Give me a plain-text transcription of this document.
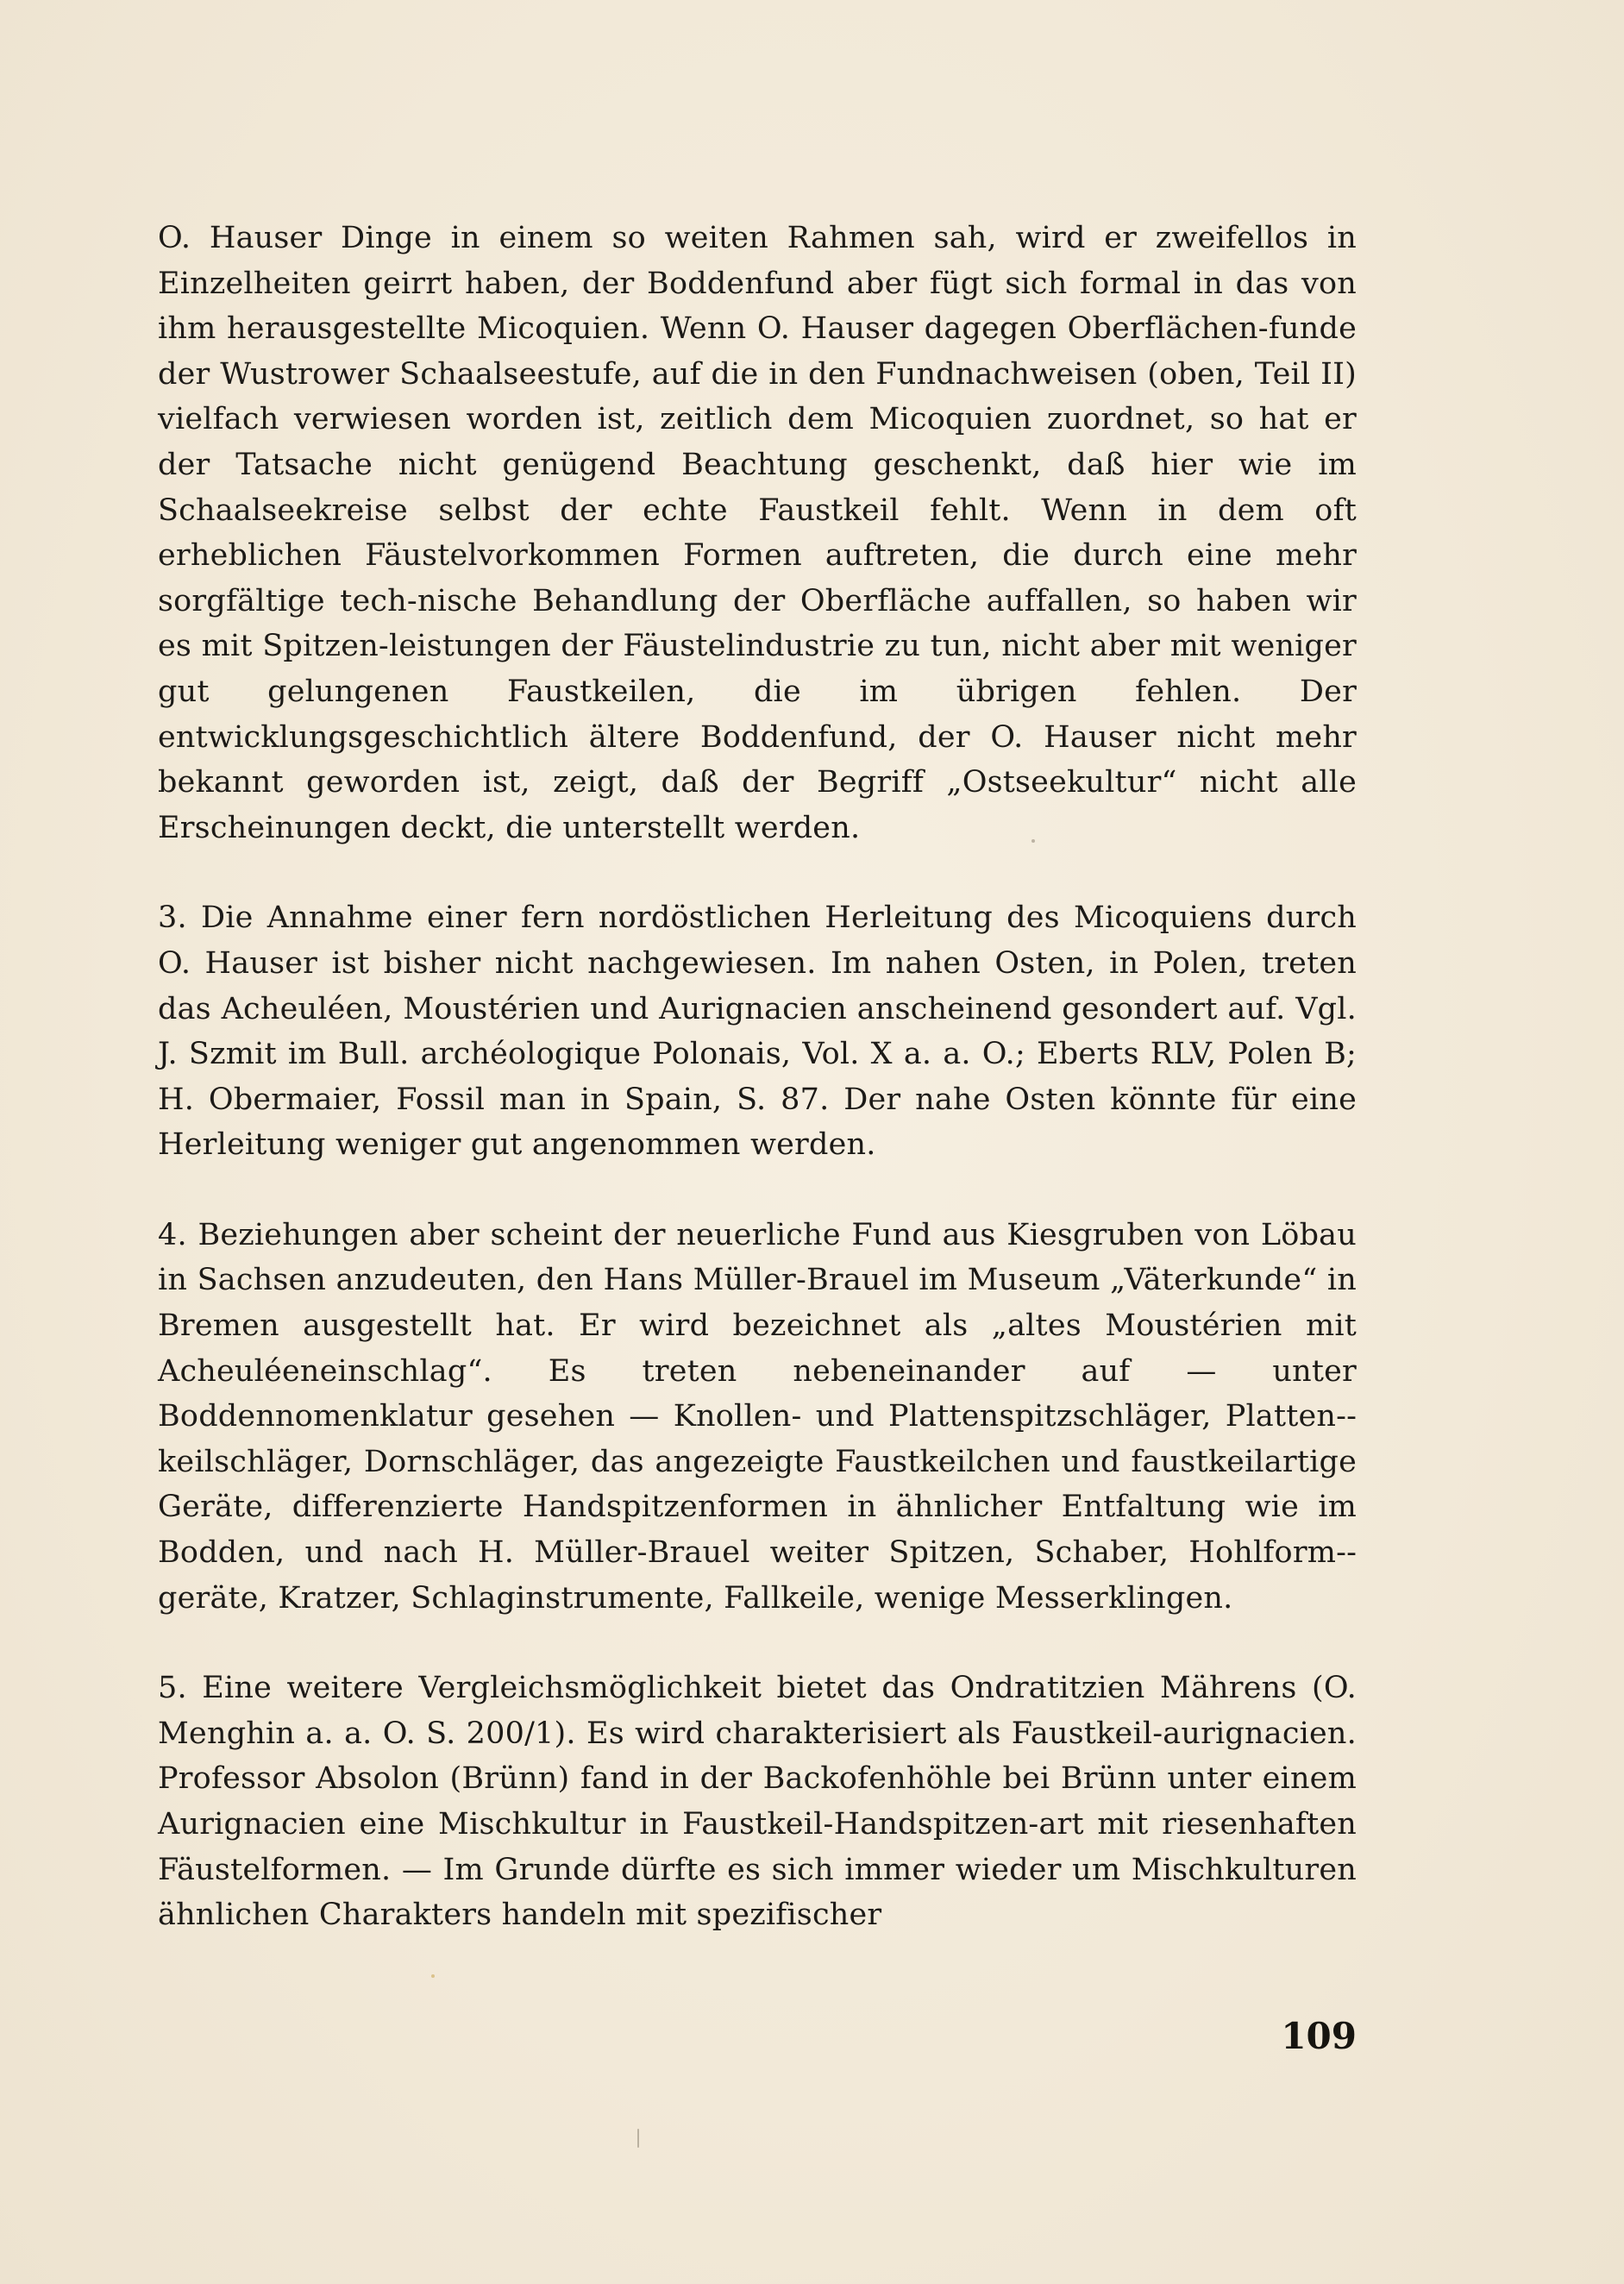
O. Hauser Dinge in einem so weiten Rahmen sah, wird er zweifellos in Einzelheiten geirrt haben, der Boddenfund aber fügt sich formal in das von ihm herausgestellte Micoquien. Wenn O. Hauser dagegen Oberflächen-funde der Wustrower Schaalseestufe, auf die in den Fundnachweisen (oben, Teil II) vielfach verwiesen worden ist, zeitlich dem Micoquien zuordnet, so hat er der Tatsache nicht genügend Beachtung geschenkt, daß hier wie im Schaalseekreise selbst der echte Faustkeil fehlt. Wenn in dem oft erheblichen Fäustelvorkommen Formen auftreten, die durch eine mehr sorgfältige tech-nische Behandlung der Oberfläche auffallen, so haben wir es mit Spitzen-leistungen der Fäustelindustrie zu tun, nicht aber mit weniger gut gelungenen Faustkeilen, die im übrigen fehlen. Der entwicklungsgeschichtlich ältere Boddenfund, der O. Hauser nicht mehr bekannt geworden ist, zeigt, daß der Begriff „Ostseekultur“ nicht alle Erscheinungen deckt, die unterstellt werden.

3. Die Annahme einer fern nordöstlichen Herleitung des Micoquiens durch O. Hauser ist bisher nicht nachgewiesen. Im nahen Osten, in Polen, treten das Acheuléen, Moustérien und Aurignacien anscheinend gesondert auf. Vgl. J. Szmit im Bull. archéologique Polonais, Vol. X a. a. O.; Eberts RLV, Polen B; H. Obermaier, Fossil man in Spain, S. 87. Der nahe Osten könnte für eine Herleitung weniger gut angenommen werden.

4. Beziehungen aber scheint der neuerliche Fund aus Kiesgruben von Löbau in Sachsen anzudeuten, den Hans Müller-Brauel im Museum „Väterkunde“ in Bremen ausgestellt hat. Er wird bezeichnet als „altes Moustérien mit Acheuléeneinschlag“. Es treten nebeneinander auf — unter Boddennomenklatur gesehen — Knollen- und Plattenspitzschläger, Platten-keilschläger, Dornschläger, das angezeigte Faustkeilchen und faustkeilartige Geräte, differenzierte Handspitzenformen in ähnlicher Entfaltung wie im Bodden, und nach H. Müller-Brauel weiter Spitzen, Schaber, Hohlform-geräte, Kratzer, Schlaginstrumente, Fallkeile, wenige Messerklingen.

5. Eine weitere Vergleichsmöglichkeit bietet das Ondratitzien Mährens (O. Menghin a. a. O. S. 200/1). Es wird charakterisiert als Faustkeil-aurignacien. Professor Absolon (Brünn) fand in der Backofenhöhle bei Brünn unter einem Aurignacien eine Mischkultur in Faustkeil-Handspitzen-art mit riesenhaften Fäustelformen. — Im Grunde dürfte es sich immer wieder um Mischkulturen ähnlichen Charakters handeln mit spezifischer

109
